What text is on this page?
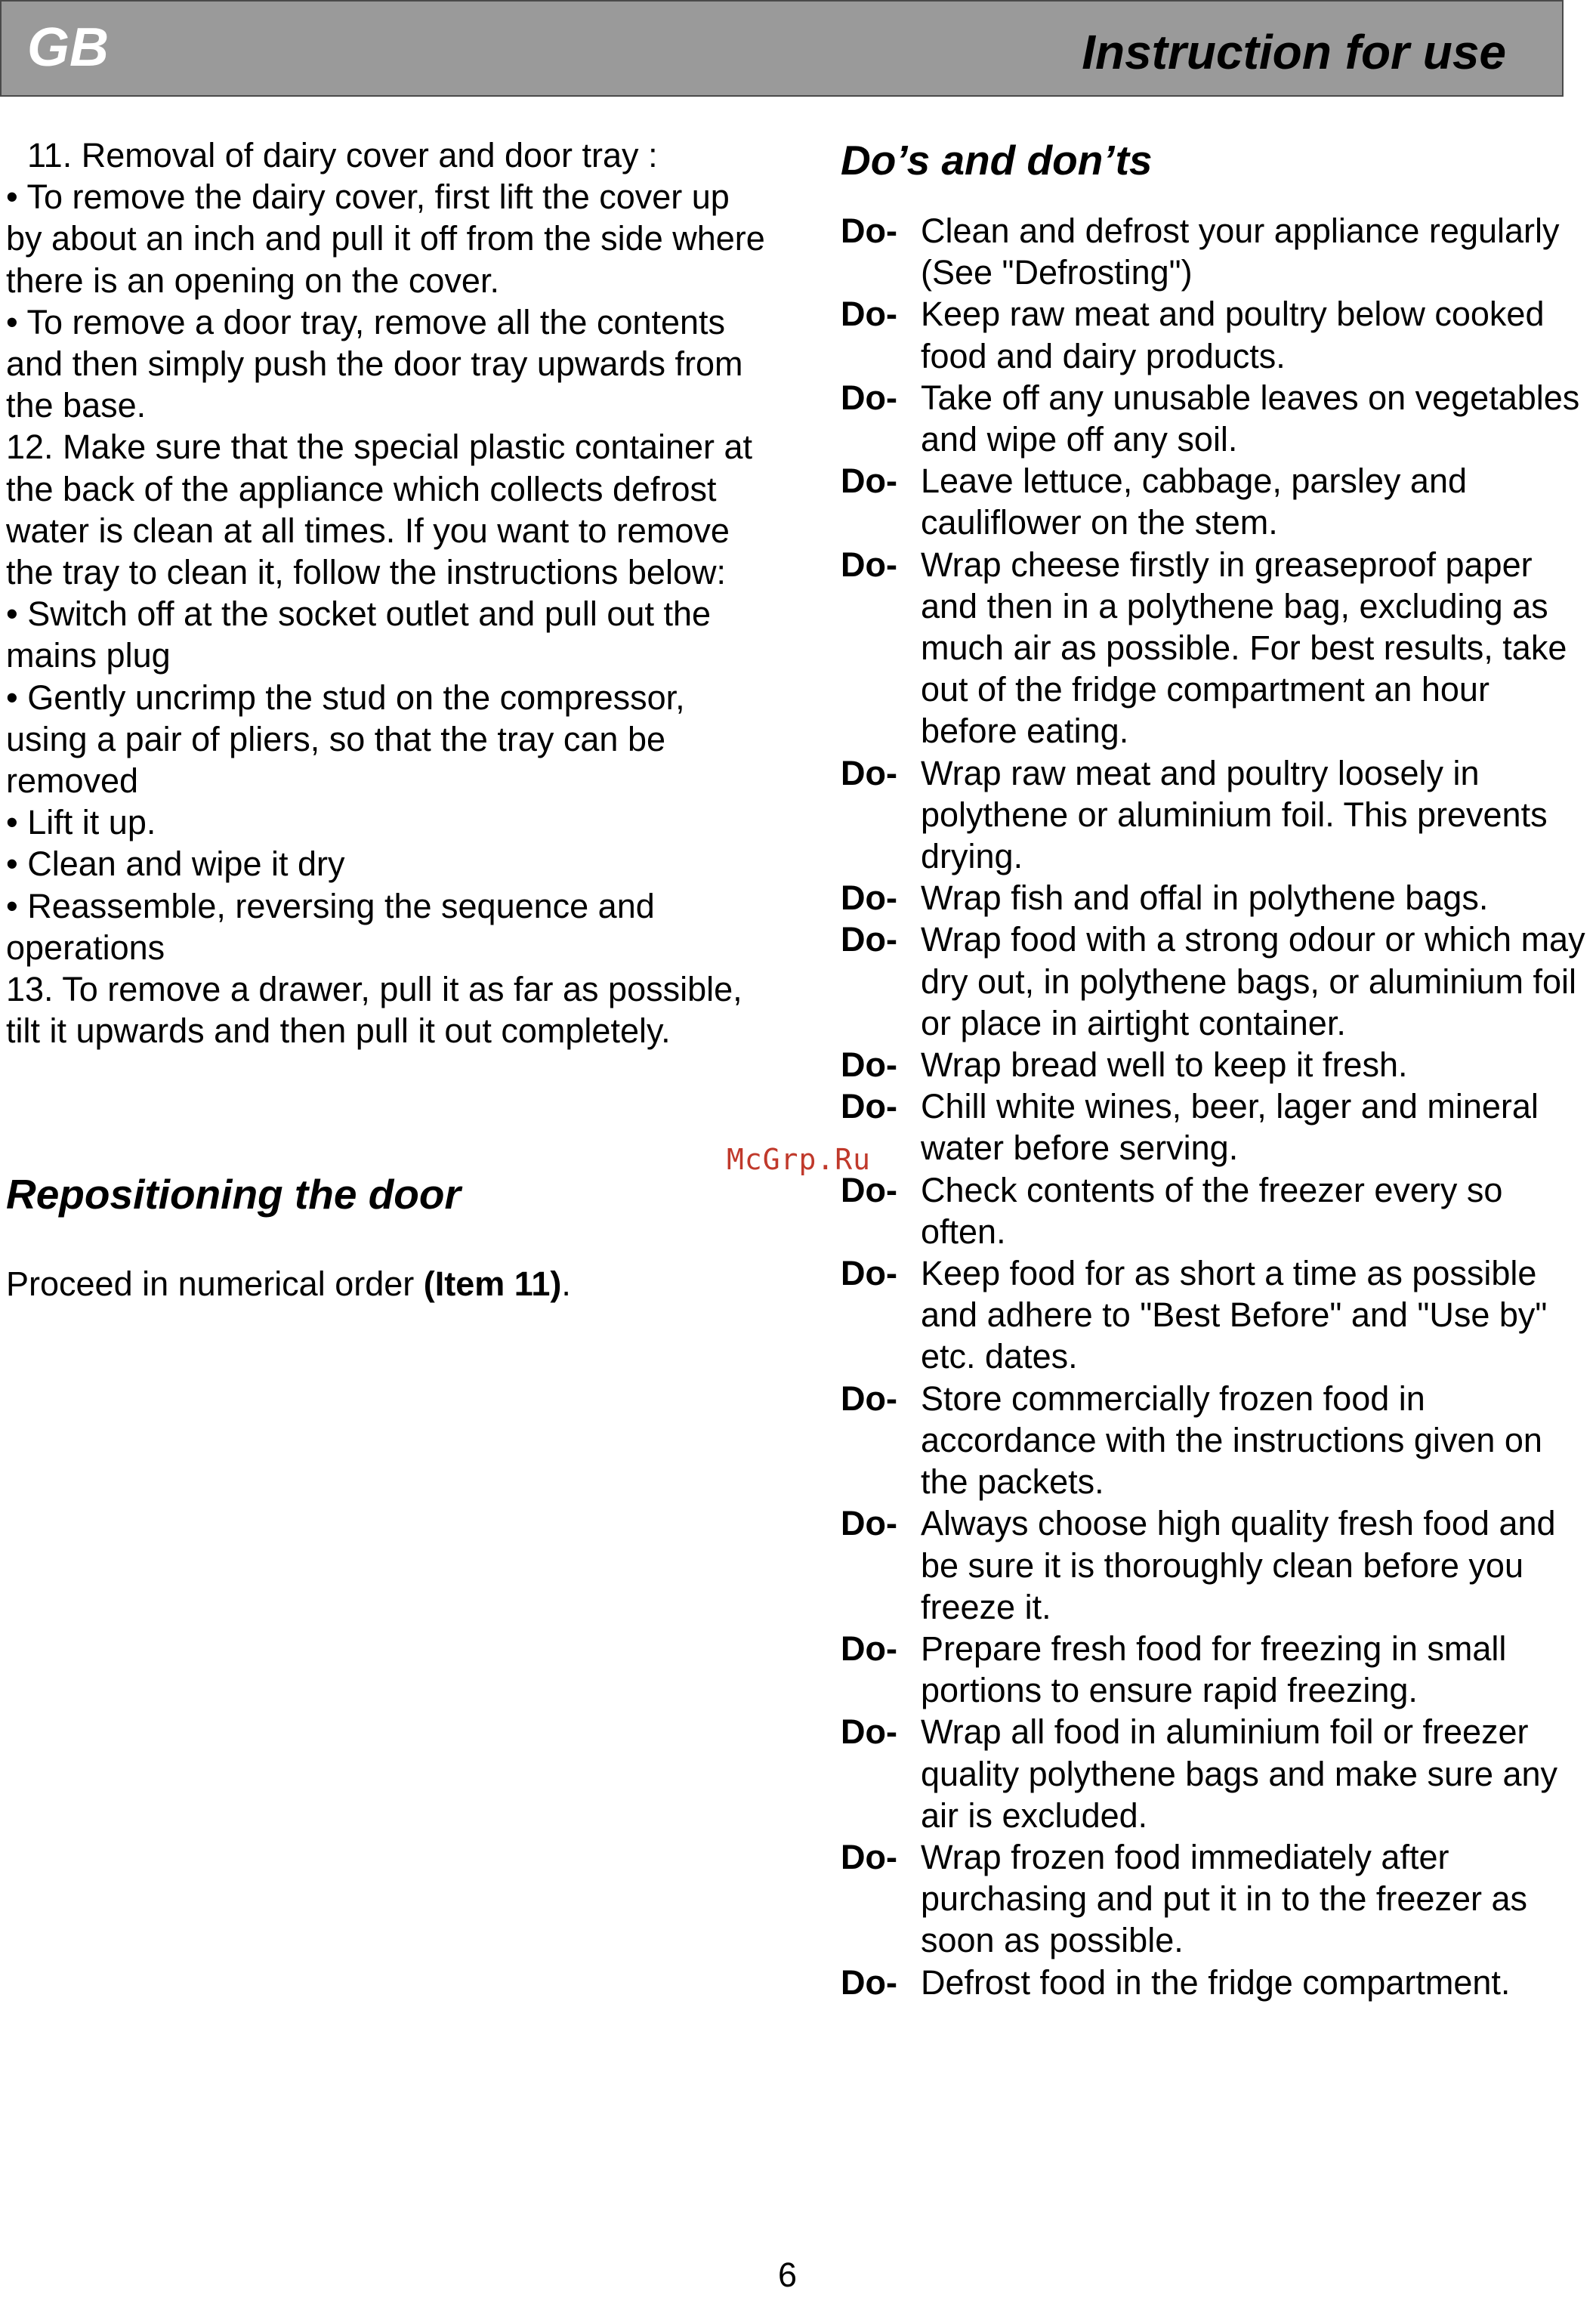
GB	Instruction for use

11. Removal of dairy cover and door tray :

• To remove the dairy cover, first lift the cover up by about an inch and pull it off from the side where there is an opening on the cover.

• To remove a door tray, remove all the contents and then simply push the door tray upwards from the base.

12. Make sure that the special plastic container at the back of the appliance which collects defrost water is clean at all times. If you want to remove the tray to clean it, follow the instructions below:

• Switch off at the socket outlet and pull out the mains plug

• Gently uncrimp the stud on the compressor, using a pair of pliers, so that the tray can be removed

• Lift it up.

• Clean and wipe it dry

• Reassemble, reversing the sequence and operations

13. To remove a drawer, pull it as far as possible, tilt it upwards and then pull it out completely.

Repositioning the door

Proceed in numerical order (Item 11).

Do’s and don’ts
Do- Clean and defrost your appliance regularly (See "Defrosting")
Do- Keep raw meat and poultry below cooked food and dairy products.
Do- Take off any unusable leaves on vegetables and wipe off any soil.
Do- Leave lettuce, cabbage, parsley and cauliflower on the stem.
Do- Wrap cheese firstly in greaseproof paper and then in a polythene bag, excluding as much air as possible. For best results, take out of the fridge compartment an hour before eating.
Do- Wrap raw meat and poultry loosely in polythene or aluminium foil. This prevents drying.
Do- Wrap fish and offal in polythene bags.
Do- Wrap food with a strong odour or which may dry out, in polythene bags, or aluminium foil or place in airtight container.
Do- Wrap bread well to keep it fresh.
Do- Chill white wines, beer, lager and mineral water before serving.
Do- Check contents of the freezer every so often.
Do- Keep food for as short a time as possible and adhere to "Best Before" and "Use by" etc. dates.
Do- Store commercially frozen food in accordance with the instructions given on the packets.
Do- Always choose high quality fresh food and be sure it is thoroughly clean before you freeze it.
Do- Prepare fresh food for freezing in small portions to ensure rapid freezing.
Do- Wrap all food in aluminium foil or freezer quality polythene bags and make sure any air is excluded.
Do- Wrap frozen food immediately after purchasing and put it in to the freezer as soon as possible.
Do- Defrost food in the fridge compartment.
McGrp.Ru
6
